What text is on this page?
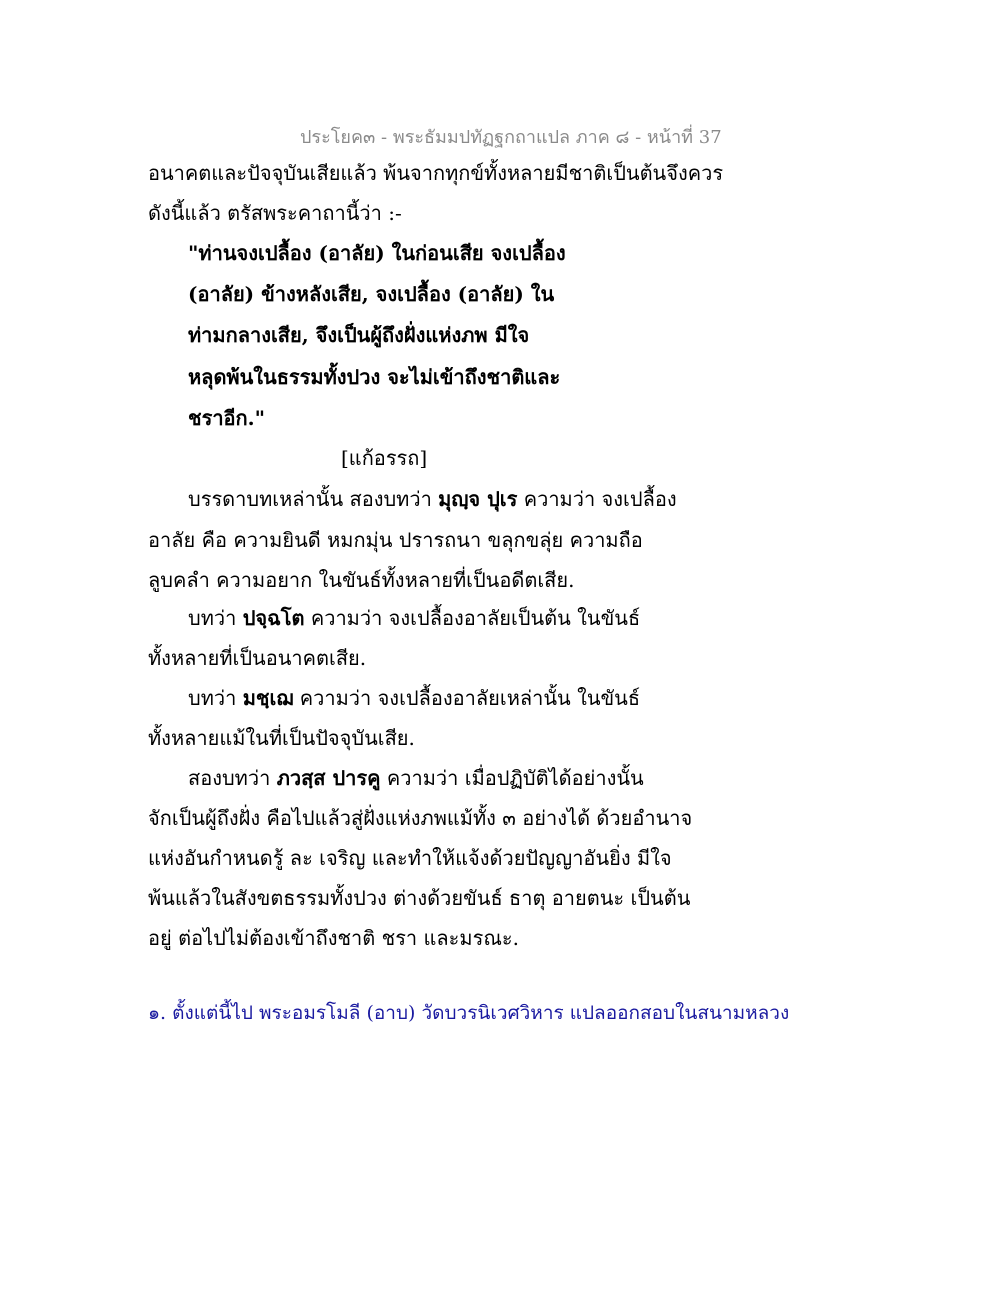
ประโยค๓ - พระธัมมปทัฏฐกถาแปล ภาค ๘ - หน้าที่ 37
อนาคตและปัจจุบันเสียแล้ว พ้นจากทุกข์ทั้งหลายมีชาติเป็นต้นจึงควร
ดังนี้แล้ว ตรัสพระคาถานี้ว่า :-
"ท่านจงเปลื้อง (อาลัย) ในก่อนเสีย จงเปลื้อง
(อาลัย) ข้างหลังเสีย, จงเปลื้อง (อาลัย) ใน
ท่ามกลางเสีย, จึงเป็นผู้ถึงฝั่งแห่งภพ มีใจ
หลุดพ้นในธรรมทั้งปวง จะไม่เข้าถึงชาติและ
ชราอีก."
[แก้อรรถ]
บรรดาบทเหล่านั้น สองบทว่า มุญฺจ ปุเร ความว่า จงเปลื้อง
อาลัย คือ ความยินดี หมกมุ่น ปรารถนา ขลุกขลุ่ย ความถือ
ลูบคลำ ความอยาก ในขันธ์ทั้งหลายที่เป็นอดีตเสีย.
บทว่า ปจฺฉโต ความว่า จงเปลื้องอาลัยเป็นต้น ในขันธ์
ทั้งหลายที่เป็นอนาคตเสีย.
บทว่า มชฺเฌ ความว่า จงเปลื้องอาลัยเหล่านั้น ในขันธ์
ทั้งหลายแม้ในที่เป็นปัจจุบันเสีย.
สองบทว่า ภวสฺส ปารคู ความว่า เมื่อปฏิบัติได้อย่างนั้น
จักเป็นผู้ถึงฝั่ง คือไปแล้วสู่ฝั่งแห่งภพแม้ทั้ง ๓ อย่างได้ ด้วยอำนาจ
แห่งอันกำหนดรู้ ละ เจริญ และทำให้แจ้งด้วยปัญญาอันยิ่ง มีใจ
พ้นแล้วในสังขตธรรมทั้งปวง ต่างด้วยขันธ์ ธาตุ อายตนะ เป็นต้น
อยู่ ต่อไปไม่ต้องเข้าถึงชาติ ชรา และมรณะ.
๑. ตั้งแต่นี้ไป พระอมรโมลี (อาบ) วัดบวรนิเวศวิหาร แปลออกสอบในสนามหลวง
